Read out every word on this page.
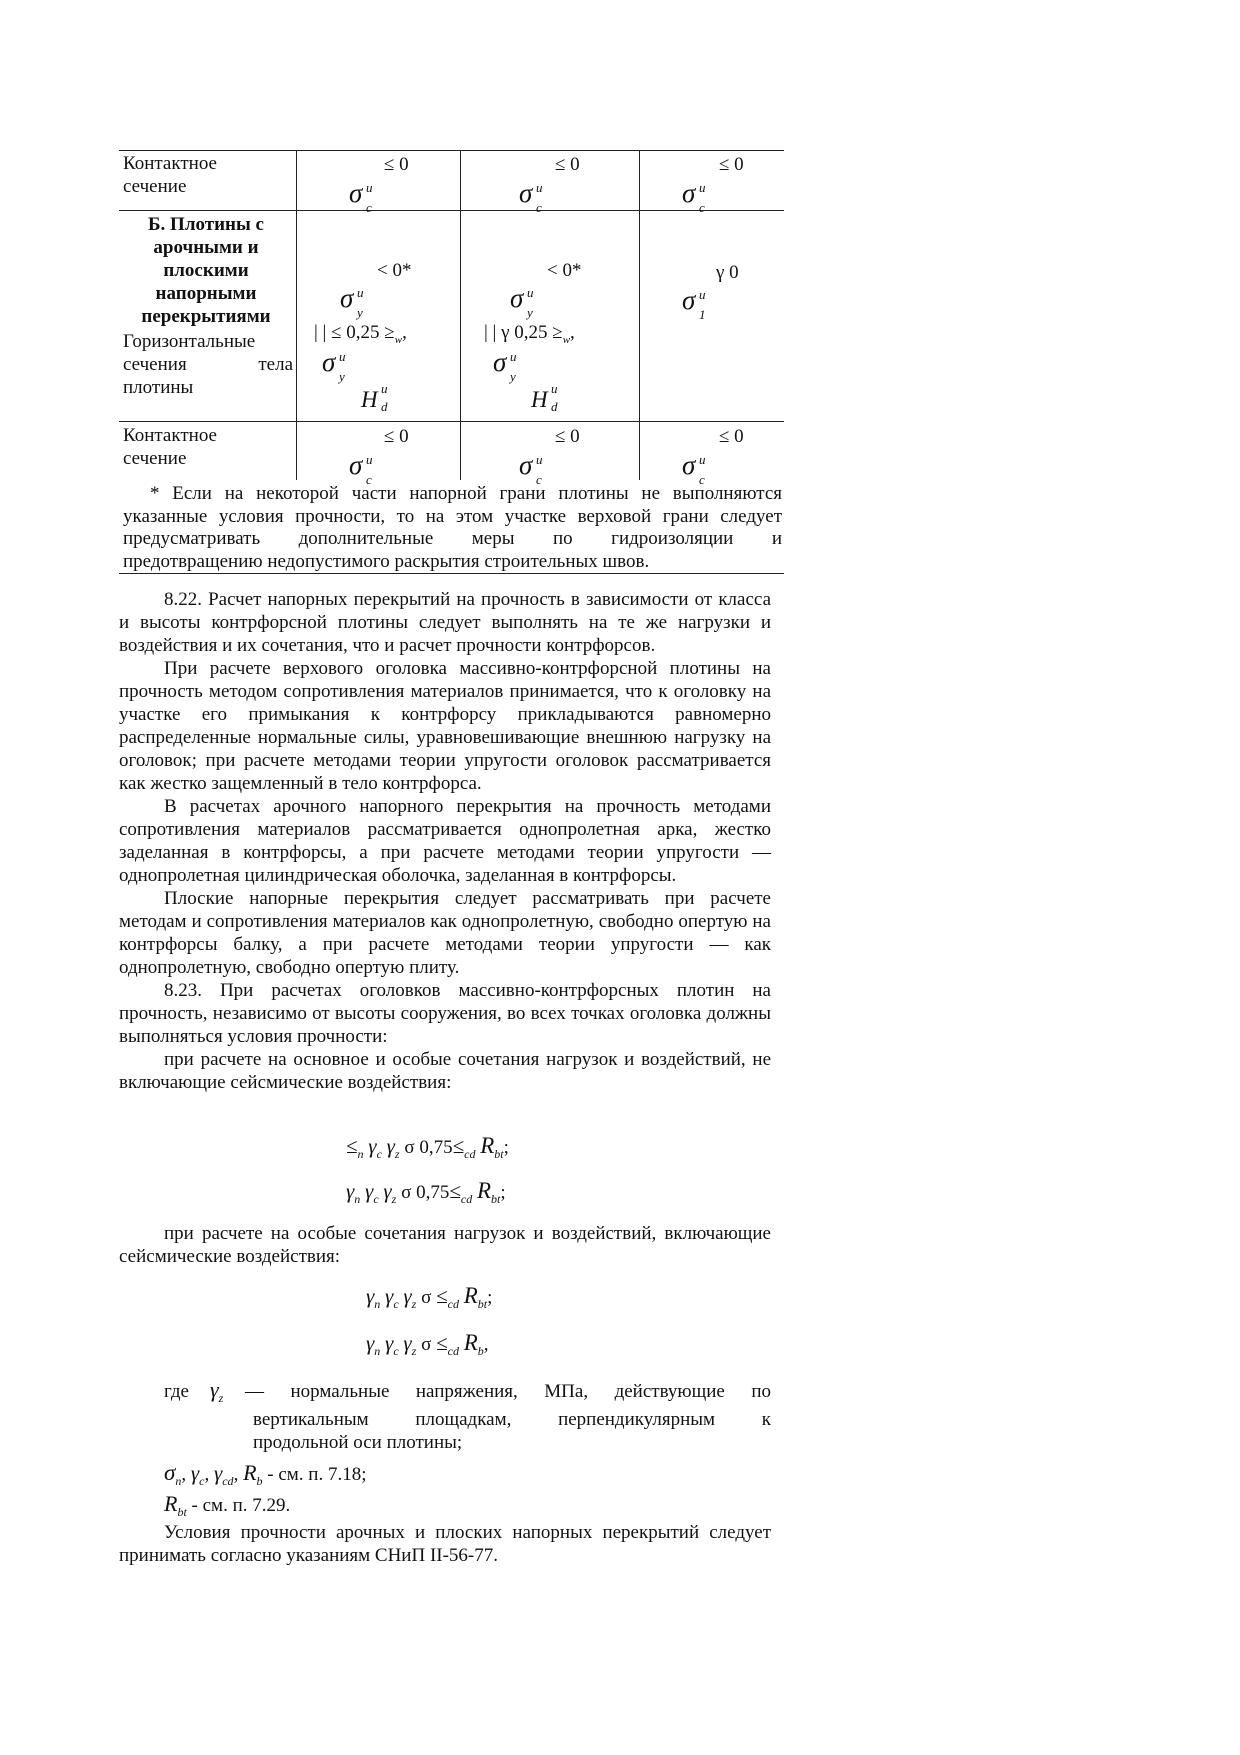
Контактное сечение
≤ 0
σ u
c
≤ 0
σ u
c
≤ 0
σ u
c
Б. Плотины с арочными и плоскими напорными перекрытиями
Горизонтальные сечения тела плотины
< 0*
σ u
y
| | ≤ $0,25 \ge_w$,
σ u
y
H u
d
< 0*
σ u
y
| | γ $0,25 \ge_w$,
σ u
y
H u
d
γ 0
σ u
1
Контактное сечение
≤ 0
σ u
c
≤ 0
σ u
c
≤ 0
σ u
c

* Если на некоторой части напорной грани плотины не выполняются

указанные условия прочности, то на этом участке верховой грани следует

предусматривать дополнительные меры по гидроизоляции и

предотвращению недопустимого раскрытия строительных швов.

8.22. Расчет напорных перекрытий на прочность в зависимости от класса и высоты контрфорсной плотины следует выполнять на те же нагрузки и воздействия и их сочетания, что и расчет прочности контрфорсов.

При расчете верхового оголовка массивно-контрфорсной плотины на прочность методом сопротивления материалов принимается, что к оголовку на участке его примыкания к контрфорсу прикладываются равномерно распределенные нормальные силы, уравновешивающие внешнюю нагрузку на оголовок; при расчете методами теории упругости оголовок рассматривается как жестко защемленный в тело контрфорса.

В расчетах арочного напорного перекрытия на прочность методами сопротивления материалов рассматривается однопролетная арка, жестко заделанная в контрфорсы, а при расчете методами теории упругости — однопролетная цилиндрическая оболочка, заделанная в контрфорсы.

Плоские напорные перекрытия следует рассматривать при расчете методам и сопротивления материалов как однопролетную, свободно опертую на контрфорсы балку, а при расчете методами теории упругости — как однопролетную, свободно опертую плиту.

8.23. При расчетах оголовков массивно-контрфорсных плотин на прочность, независимо от высоты сооружения, во всех точках оголовка должны выполняться условия прочности:

при расчете на основное и особые сочетания нагрузок и воздействий, не включающие сейсмические воздействия:

$\le_n$ $\gamma_c$ $\gamma_z$ σ $0,75\le_{cd}$ $R_{bt}$;
$\gamma_n$ $\gamma_c$ $\gamma_z$ σ $0,75\le_{cd}$ $R_{bt}$;

при расчете на особые сочетания нагрузок и воздействий, включающие сейсмические воздействия:

$\gamma_n$ $\gamma_c$ $\gamma_z$ $\sigma \le_{cd}$ $R_{bt}$;
$\gamma_n$ $\gamma_c$ $\gamma_z$ $\sigma \le_{cd}$ $R_b$,
где $\gamma_z$ — нормальные напряжения, МПа, действующие по
вертикальным площадкам, перпендикулярным к
продольной оси плотины;
$\sigma_n$, $\gamma_c$, $\gamma_{cd}$, $R_b$ - см. п. 7.18;
$R_{bt}$ - см. п. 7.29.

Условия прочности арочных и плоских напорных перекрытий следует принимать согласно указаниям СНиП II-56-77.
